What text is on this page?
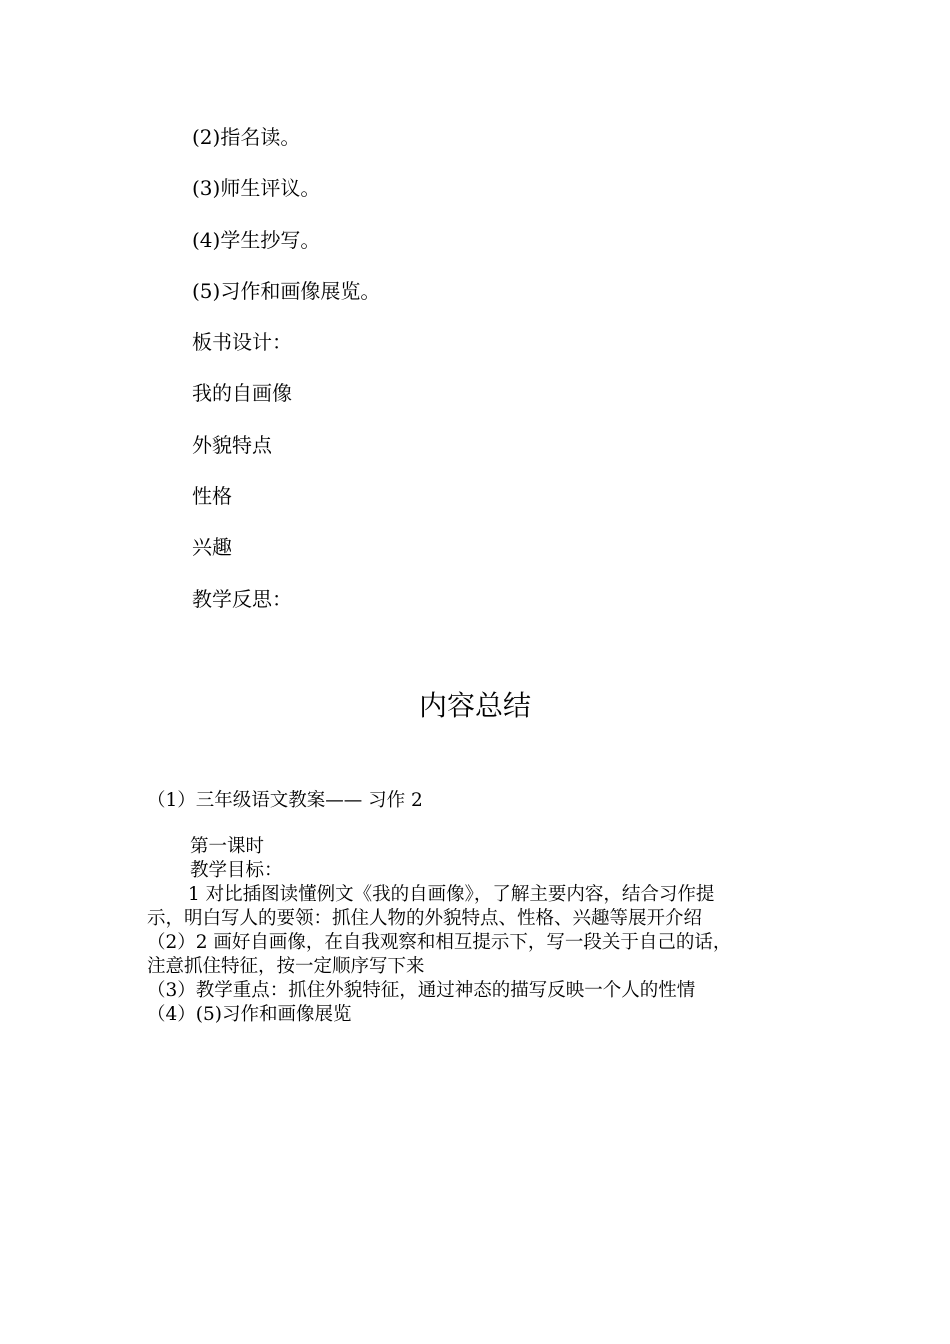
(2)指名读。
(3)师生评议。
(4)学生抄写。
(5)习作和画像展览。
板书设计：
我的自画像
外貌特点
性格
兴趣
教学反思：
内容总结
（1）三年级语文教案—— 习作 2
第一课时
教学目标：
1 对比插图读懂例文《我的自画像》，了解主要内容，结合习作提
示，明白写人的要领：抓住人物的外貌特点、性格、兴趣等展开介绍
（2）2 画好自画像，在自我观察和相互提示下，写一段关于自己的话，
注意抓住特征，按一定顺序写下来
（3）教学重点：抓住外貌特征，通过神态的描写反映一个人的性情
（4）(5)习作和画像展览
